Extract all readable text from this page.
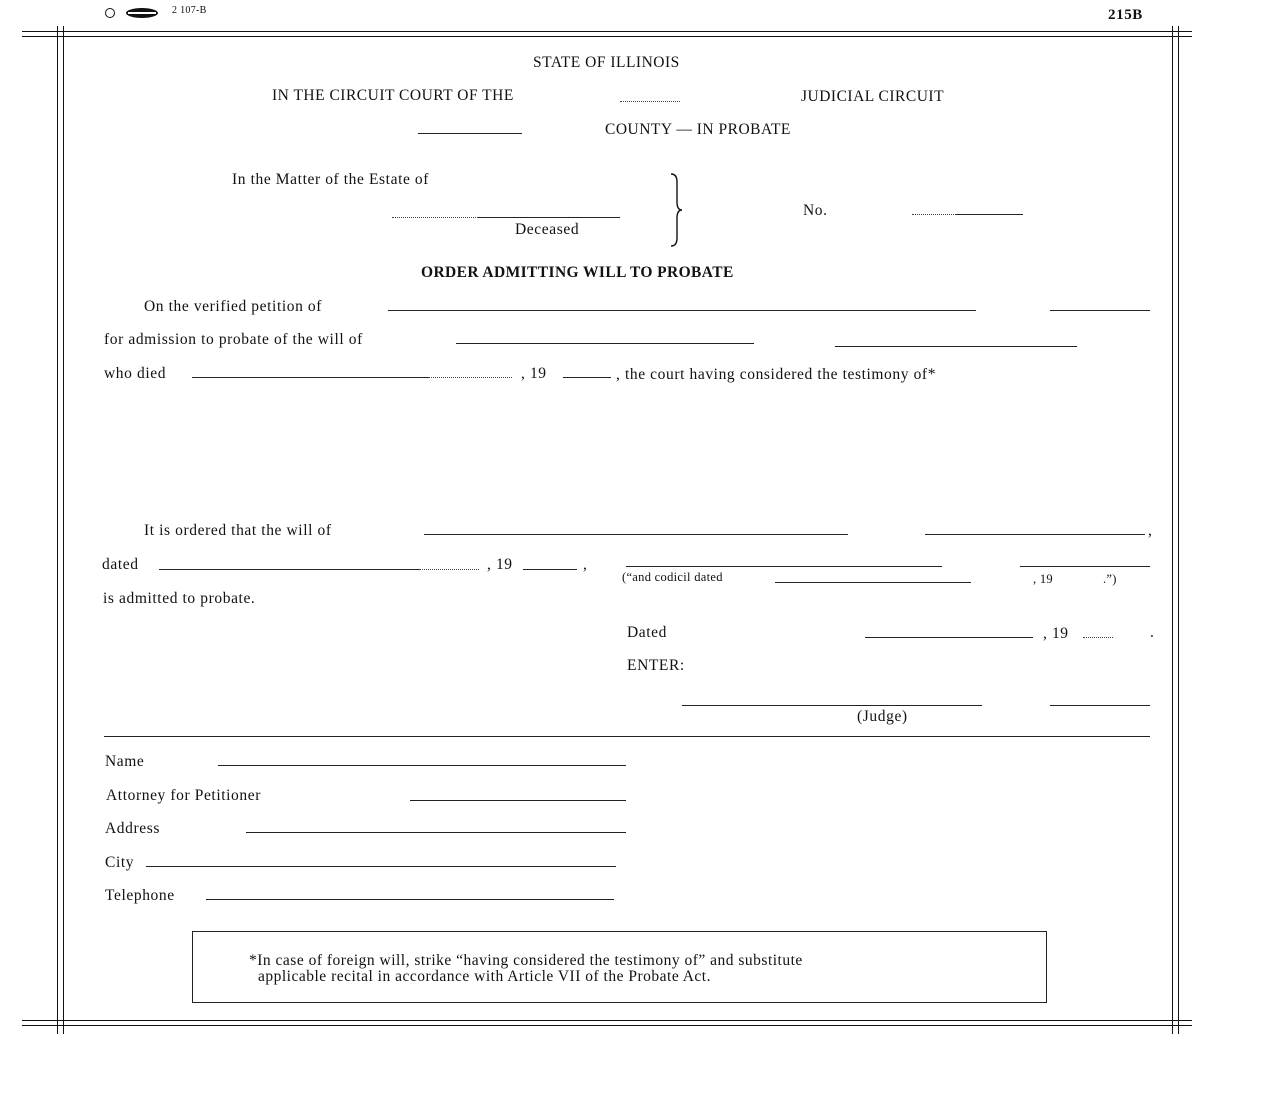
2 107-B	215B
STATE OF ILLINOIS
IN THE CIRCUIT COURT OF THE	JUDICIAL CIRCUIT
COUNTY — IN PROBATE
In the Matter of the Estate of
Deceased
No.
ORDER ADMITTING WILL TO PROBATE
On the verified petition of
for admission to probate of the will of
who died	, 19	, the court having considered the testimony of*
It is ordered that the will of	,
dated	, 19	,
(“and codicil dated	, 19	.”)
is admitted to probate.
Dated	, 19	.
ENTER:
(Judge)
Name
Attorney for Petitioner
Address
City
Telephone
*In case of foreign will, strike “having considered the testimony of” and substitute
applicable recital in accordance with Article VII of the Probate Act.
